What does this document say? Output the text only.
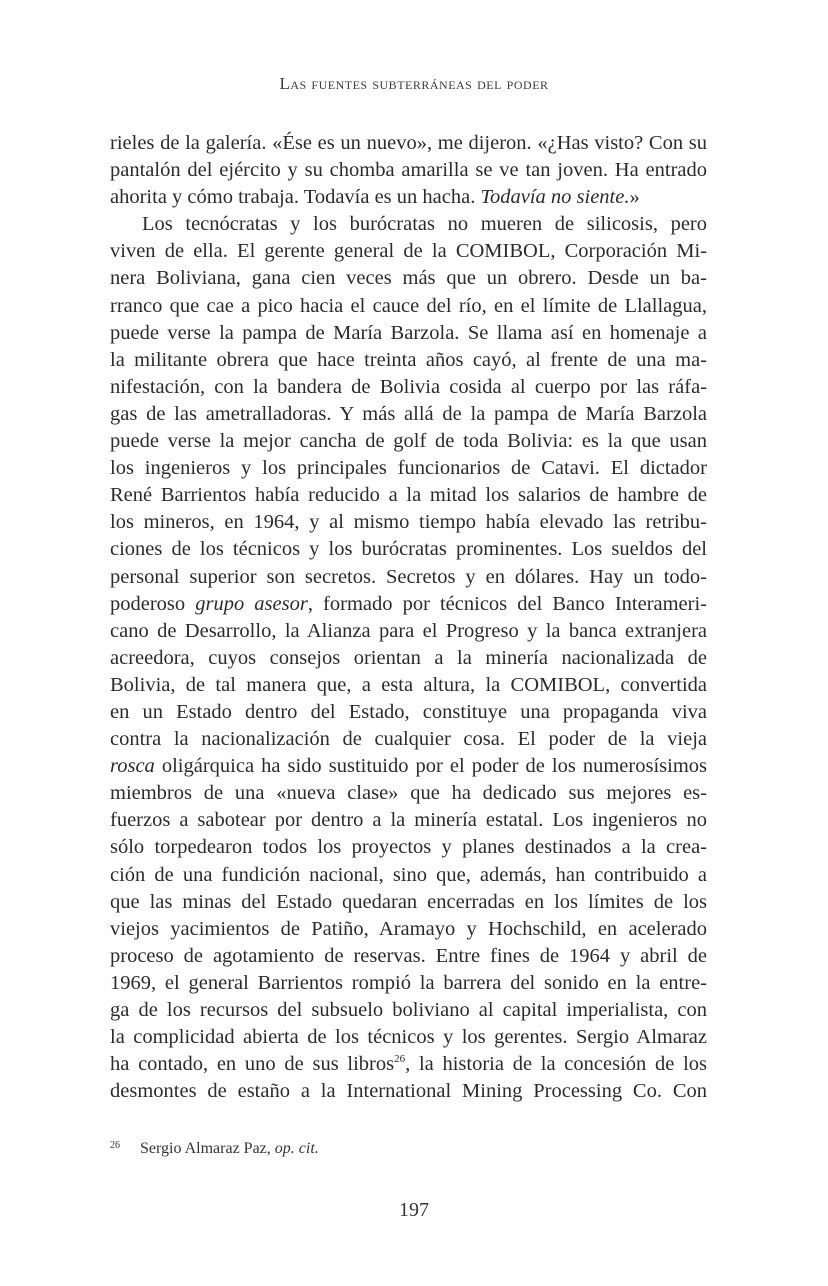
Las fuentes subterráneas del poder
rieles de la galería. «Ése es un nuevo», me dijeron. «¿Has visto? Con su
pantalón del ejército y su chomba amarilla se ve tan joven. Ha entrado
ahorita y cómo trabaja. Todavía es un hacha. Todavía no siente.»
Los tecnócratas y los burócratas no mueren de silicosis, pero
viven de ella. El gerente general de la COMIBOL, Corporación Mi-
nera Boliviana, gana cien veces más que un obrero. Desde un ba-
rranco que cae a pico hacia el cauce del río, en el límite de Llallagua,
puede verse la pampa de María Barzola. Se llama así en homenaje a
la militante obrera que hace treinta años cayó, al frente de una ma-
nifestación, con la bandera de Bolivia cosida al cuerpo por las ráfa-
gas de las ametralladoras. Y más allá de la pampa de María Barzola
puede verse la mejor cancha de golf de toda Bolivia: es la que usan
los ingenieros y los principales funcionarios de Catavi. El dictador
René Barrientos había reducido a la mitad los salarios de hambre de
los mineros, en 1964, y al mismo tiempo había elevado las retribu-
ciones de los técnicos y los burócratas prominentes. Los sueldos del
personal superior son secretos. Secretos y en dólares. Hay un todo-
poderoso grupo asesor, formado por técnicos del Banco Interameri-
cano de Desarrollo, la Alianza para el Progreso y la banca extranjera
acreedora, cuyos consejos orientan a la minería nacionalizada de
Bolivia, de tal manera que, a esta altura, la COMIBOL, convertida
en un Estado dentro del Estado, constituye una propaganda viva
contra la nacionalización de cualquier cosa. El poder de la vieja
rosca oligárquica ha sido sustituido por el poder de los numerosísimos
miembros de una «nueva clase» que ha dedicado sus mejores es-
fuerzos a sabotear por dentro a la minería estatal. Los ingenieros no
sólo torpedearon todos los proyectos y planes destinados a la crea-
ción de una fundición nacional, sino que, además, han contribuido a
que las minas del Estado quedaran encerradas en los límites de los
viejos yacimientos de Patiño, Aramayo y Hochschild, en acelerado
proceso de agotamiento de reservas. Entre fines de 1964 y abril de
1969, el general Barrientos rompió la barrera del sonido en la entre-
ga de los recursos del subsuelo boliviano al capital imperialista, con
la complicidad abierta de los técnicos y los gerentes. Sergio Almaraz
ha contado, en uno de sus libros$^{26}$, la historia de la concesión de los
desmontes de estaño a la International Mining Processing Co. Con
$^{26}$ Sergio Almaraz Paz, op. cit.
197
